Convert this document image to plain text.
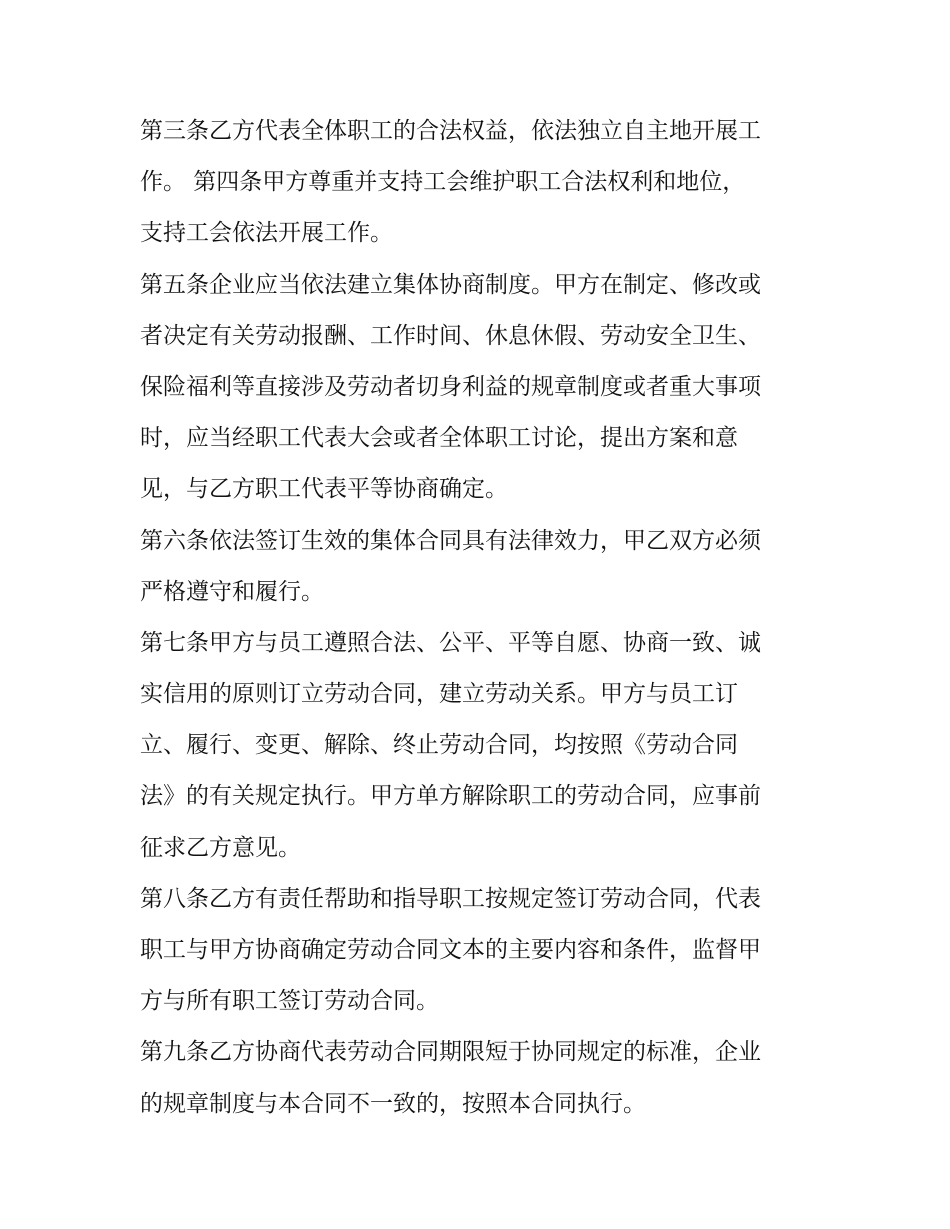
第三条乙方代表全体职工的合法权益，依法独立自主地开展工
作。 第四条甲方尊重并支持工会维护职工合法权利和地位，
支持工会依法开展工作。
第五条企业应当依法建立集体协商制度。甲方在制定、修改或
者决定有关劳动报酬、工作时间、休息休假、劳动安全卫生、
保险福利等直接涉及劳动者切身利益的规章制度或者重大事项
时，应当经职工代表大会或者全体职工讨论，提出方案和意
见，与乙方职工代表平等协商确定。
第六条依法签订生效的集体合同具有法律效力，甲乙双方必须
严格遵守和履行。
第七条甲方与员工遵照合法、公平、平等自愿、协商一致、诚
实信用的原则订立劳动合同，建立劳动关系。甲方与员工订
立、履行、变更、解除、终止劳动合同，均按照《劳动合同
法》的有关规定执行。甲方单方解除职工的劳动合同，应事前
征求乙方意见。
第八条乙方有责任帮助和指导职工按规定签订劳动合同，代表
职工与甲方协商确定劳动合同文本的主要内容和条件，监督甲
方与所有职工签订劳动合同。
第九条乙方协商代表劳动合同期限短于协同规定的标准，企业
的规章制度与本合同不一致的，按照本合同执行。
